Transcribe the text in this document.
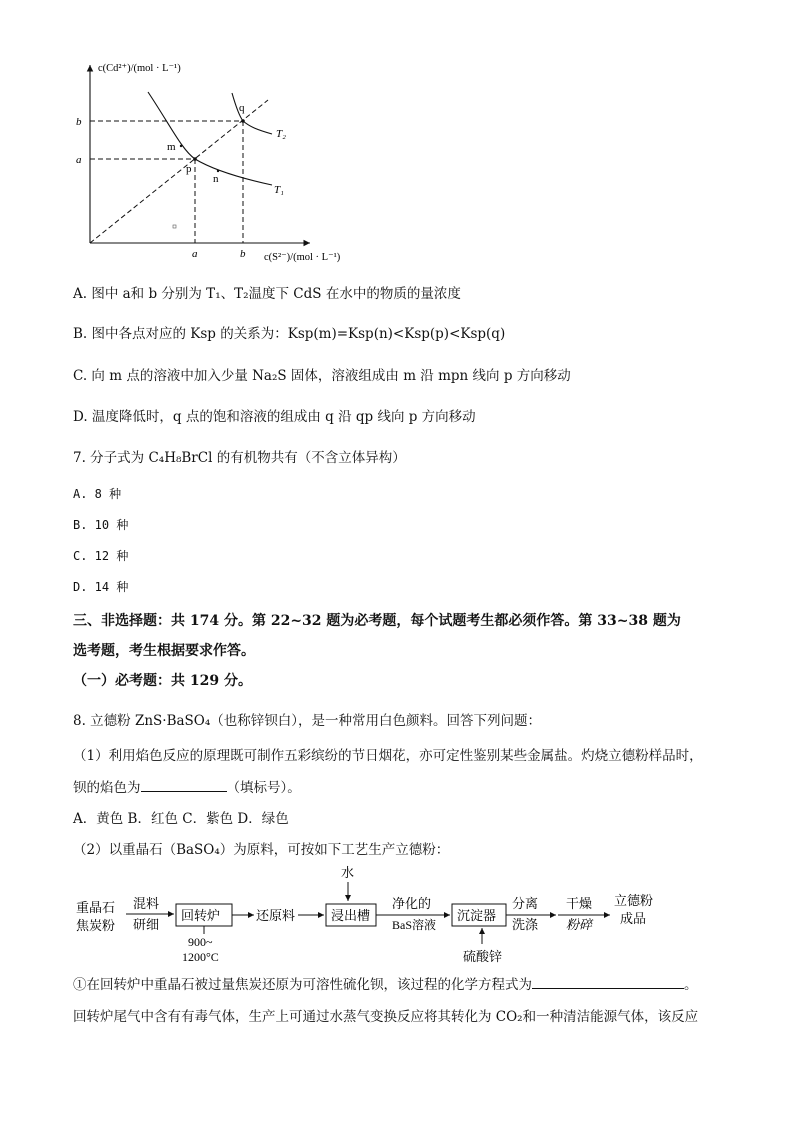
c(Cd²⁺)/(mol · L⁻¹)
c(S²⁻)/(mol · L⁻¹)
b
a
a	b
m
p
n
q
T₂
T₁
A. 图中 a和 b 分别为 T₁、T₂温度下 CdS 在水中的物质的量浓度
B. 图中各点对应的 Ksp 的关系为：Ksp(m)=Ksp(n)<Ksp(p)<Ksp(q)
C. 向 m 点的溶液中加入少量 Na₂S 固体，溶液组成由 m 沿 mpn 线向 p 方向移动
D. 温度降低时，q 点的饱和溶液的组成由 q 沿 qp 线向 p 方向移动
7. 分子式为 C₄H₈BrCl 的有机物共有（不含立体异构）
A. 8 种
B. 10 种
C. 12 种
D. 14 种
三、非选择题：共 174 分。第 22~32 题为必考题，每个试题考生都必须作答。第 33~38 题为
选考题，考生根据要求作答。
（一）必考题：共 129 分。
8. 立德粉 ZnS·BaSO₄（也称锌钡白），是一种常用白色颜料。回答下列问题：
（1）利用焰色反应的原理既可制作五彩缤纷的节日烟花，亦可定性鉴别某些金属盐。灼烧立德粉样品时，
钡的焰色为	（填标号）。
A．黄色 B．红色 C．紫色 D．绿色
（2）以重晶石（BaSO₄）为原料，可按如下工艺生产立德粉：
重晶石
焦炭粉
混料
研细
回转炉
900~
1200°C
还原料
水
浸出槽
净化的
BaS溶液
沉淀器
硫酸锌
分离
洗涤
干燥
粉碎
立德粉
成品
①在回转炉中重晶石被过量焦炭还原为可溶性硫化钡，该过程的化学方程式为	。
回转炉尾气中含有有毒气体，生产上可通过水蒸气变换反应将其转化为 CO₂和一种清洁能源气体，该反应
